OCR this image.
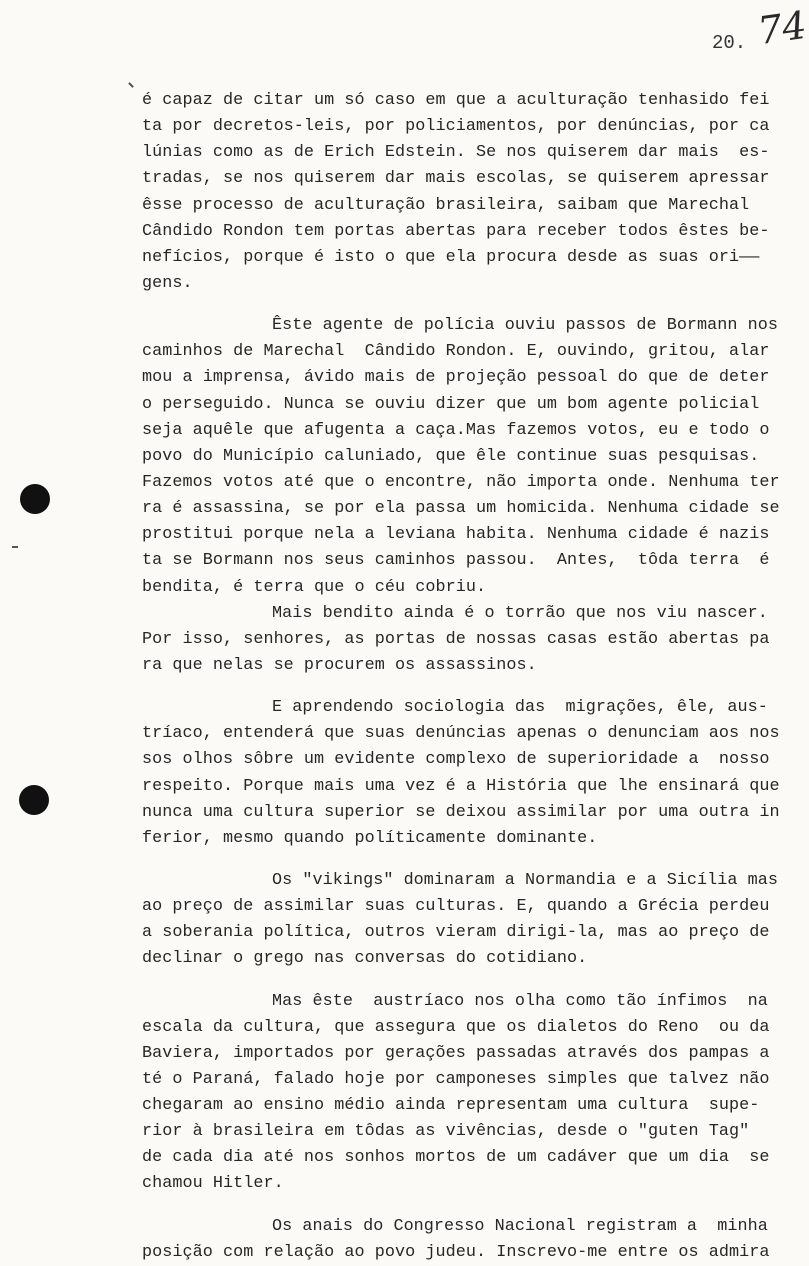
20. 74
é capaz de citar um só caso em que a aculturação tenhasido fei
ta por decretos-leis, por policiamentos, por denúncias, por ca
lúnias como as de Erich Edstein. Se nos quiserem dar mais  es-
tradas, se nos quiserem dar mais escolas, se quiserem apressar
êsse processo de aculturação brasileira, saibam que Marechal
Cândido Rondon tem portas abertas para receber todos êstes be-
nefícios, porque é isto o que ela procura desde as suas ori——
gens.
Êste agente de polícia ouviu passos de Bormann nos
caminhos de Marechal  Cândido Rondon. E, ouvindo, gritou, alar
mou a imprensa, ávido mais de projeção pessoal do que de deter
o perseguido. Nunca se ouviu dizer que um bom agente policial
seja aquêle que afugenta a caça.Mas fazemos votos, eu e todo o
povo do Município caluniado, que êle continue suas pesquisas.
Fazemos votos até que o encontre, não importa onde. Nenhuma ter
ra é assassina, se por ela passa um homicida. Nenhuma cidade se
prostitui porque nela a leviana habita. Nenhuma cidade é nazis
ta se Bormann nos seus caminhos passou.  Antes,  tôda terra  é
bendita, é terra que o céu cobriu.
Mais bendito ainda é o torrão que nos viu nascer.
Por isso, senhores, as portas de nossas casas estão abertas pa
ra que nelas se procurem os assassinos.
E aprendendo sociologia das  migrações, êle, aus-
tríaco, entenderá que suas denúncias apenas o denunciam aos nos
sos olhos sôbre um evidente complexo de superioridade a  nosso
respeito. Porque mais uma vez é a História que lhe ensinará que
nunca uma cultura superior se deixou assimilar por uma outra in
ferior, mesmo quando políticamente dominante.
Os "vikings" dominaram a Normandia e a Sicília mas
ao preço de assimilar suas culturas. E, quando a Grécia perdeu
a soberania política, outros vieram dirigi-la, mas ao preço de
declinar o grego nas conversas do cotidiano.
Mas êste  austríaco nos olha como tão ínfimos  na
escala da cultura, que assegura que os dialetos do Reno  ou da
Baviera, importados por gerações passadas através dos pampas a
té o Paraná, falado hoje por camponeses simples que talvez não
chegaram ao ensino médio ainda representam uma cultura  supe-
rior à brasileira em tôdas as vivências, desde o "guten Tag"
de cada dia até nos sonhos mortos de um cadáver que um dia  se
chamou Hitler.
Os anais do Congresso Nacional registram a  minha
posição com relação ao povo judeu. Inscrevo-me entre os admira
